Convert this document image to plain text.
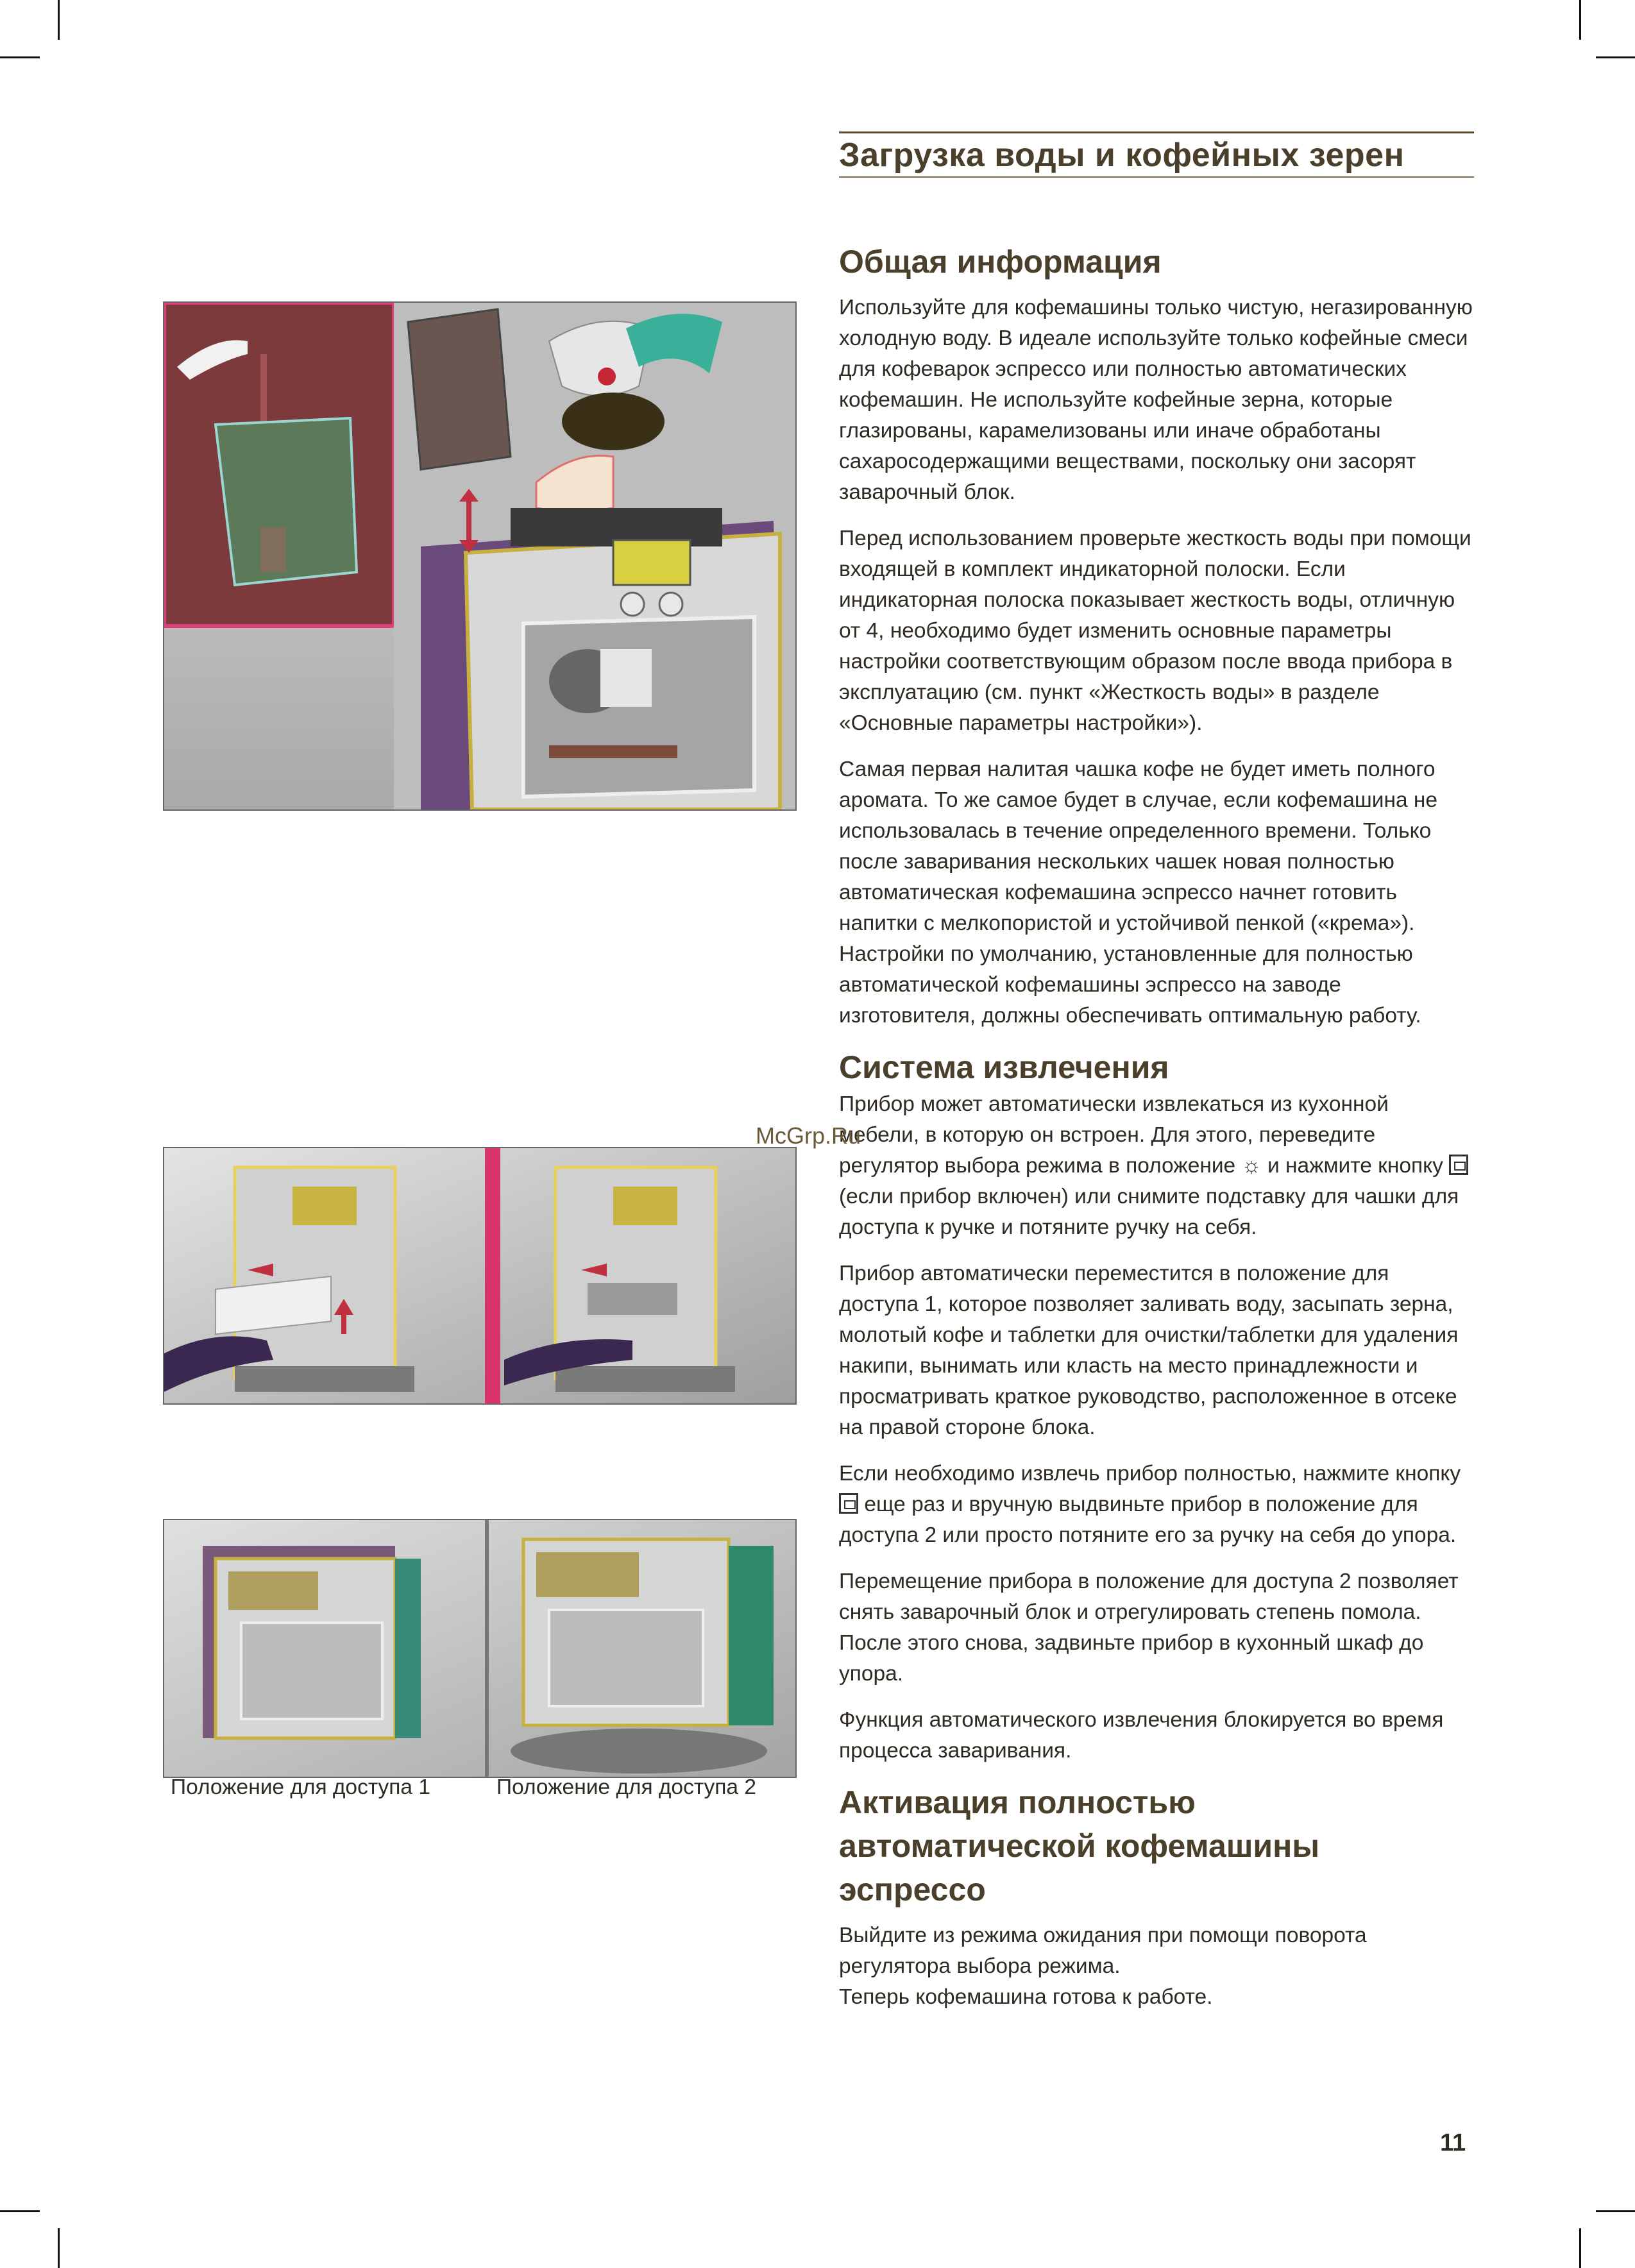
Загрузка воды и кофейных зерен
Общая информация

Используйте для кофемашины только чистую, негазированную холодную воду. В идеале используйте только кофейные смеси для кофеварок эспрессо или полностью автоматических кофемашин. Не используйте кофейные зерна, которые глазированы, карамелизованы или иначе обработаны сахаросодержащими веществами, поскольку они засорят заварочный блок.

Перед использованием проверьте жесткость воды при помощи входящей в комплект индикаторной полоски. Если индикаторная полоска показывает жесткость воды, отличную от 4, необходимо будет изменить основные параметры настройки соответствующим образом после ввода прибора в эксплуатацию (см. пункт «Жесткость воды» в разделе «Основные параметры настройки»).

Самая первая налитая чашка кофе не будет иметь полного аромата. То же самое будет в случае, если кофемашина не использовалась в течение определенного времени. Только после заваривания нескольких чашек новая полностью автоматическая кофемашина эспрессо начнет готовить напитки с мелкопористой и устойчивой пенкой («крема»). Настройки по умолчанию, установленные для полностью автоматической кофемашины эспрессо на заводе изготовителя, должны обеспечивать оптимальную работу.

Система извлечения

Прибор может автоматически извлекаться из кухонной мебели, в которую он встроен. Для этого, переведите регулятор выбора режима в положение ☼ и нажмите кнопку  (если прибор включен) или снимите подставку для чашки для доступа к ручке и потяните ручку на себя.

Прибор автоматически переместится в положение для доступа 1, которое позволяет заливать воду, засыпать зерна, молотый кофе и таблетки для очистки/таблетки для удаления накипи, вынимать или класть на место принадлежности и просматривать краткое руководство, расположенное в отсеке на правой стороне блока.

Если необходимо извлечь прибор полностью, нажмите кнопку  еще раз и вручную выдвиньте прибор в положение для доступа 2 или просто потяните его за ручку на себя до упора.

Перемещение прибора в положение для доступа 2 позволяет снять заварочный блок и отрегулировать степень помола. После этого снова, задвиньте прибор в кухонный шкаф до упора.

Функция автоматического извлечения блокируется во время процесса заваривания.

Активация полностью
автоматической кофемашины
эспрессо

Выйдите из режима ожидания при помощи поворота регулятора выбора режима.
Теперь кофемашина готова к работе.

Положение для доступа 1	Положение для доступа 2
McGrp.Ru
11
